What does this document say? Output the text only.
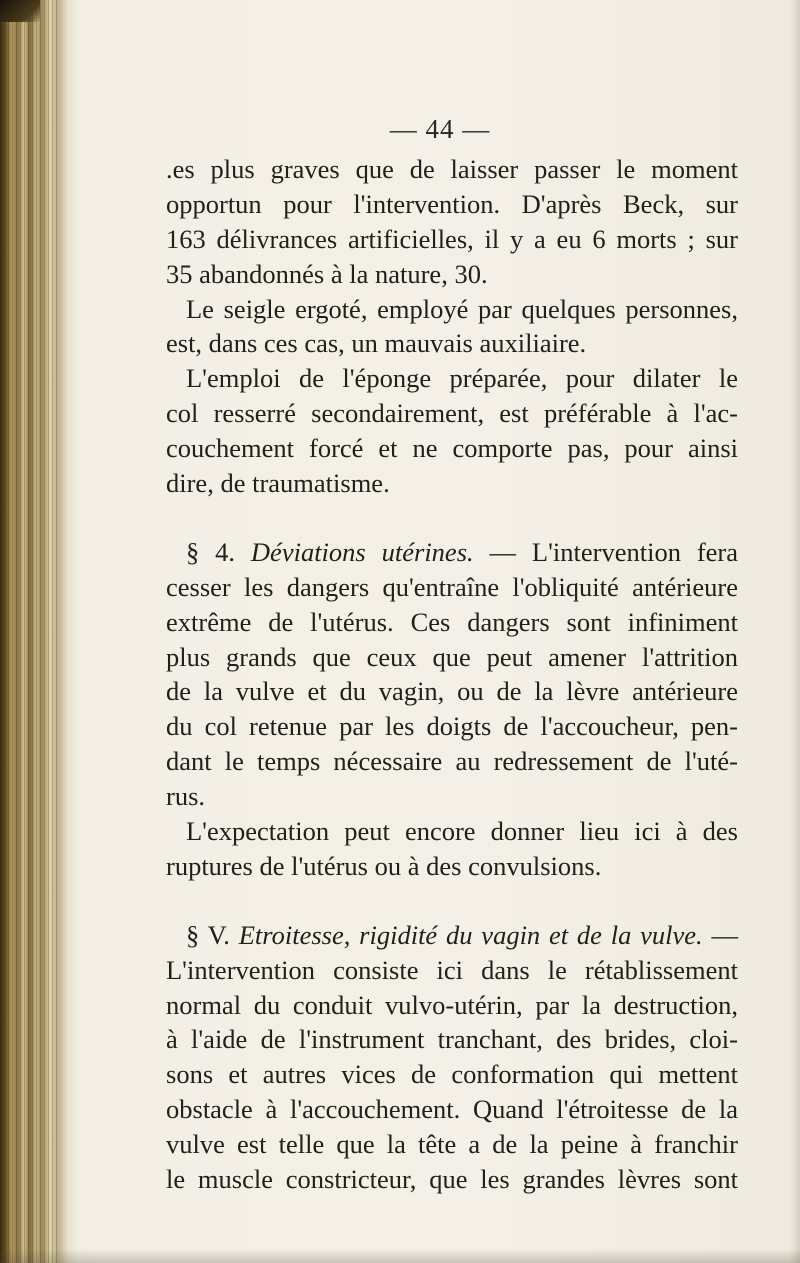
— 44 —
.es plus graves que de laisser passer le moment
opportun pour l'intervention. D'après Beck, sur
163 délivrances artificielles, il y a eu 6 morts ; sur
35 abandonnés à la nature, 30.
Le seigle ergoté, employé par quelques personnes,
est, dans ces cas, un mauvais auxiliaire.
L'emploi de l'éponge préparée, pour dilater le
col resserré secondairement, est préférable à l'ac-
couchement forcé et ne comporte pas, pour ainsi
dire, de traumatisme.
§ 4. Déviations utérines. — L'intervention fera
cesser les dangers qu'entraîne l'obliquité antérieure
extrême de l'utérus. Ces dangers sont infiniment
plus grands que ceux que peut amener l'attrition
de la vulve et du vagin, ou de la lèvre antérieure
du col retenue par les doigts de l'accoucheur, pen-
dant le temps nécessaire au redressement de l'uté-
rus.
L'expectation peut encore donner lieu ici à des
ruptures de l'utérus ou à des convulsions.
§ V. Etroitesse, rigidité du vagin et de la vulve. —
L'intervention consiste ici dans le rétablissement
normal du conduit vulvo-utérin, par la destruction,
à l'aide de l'instrument tranchant, des brides, cloi-
sons et autres vices de conformation qui mettent
obstacle à l'accouchement. Quand l'étroitesse de la
vulve est telle que la tête a de la peine à franchir
le muscle constricteur, que les grandes lèvres sont
